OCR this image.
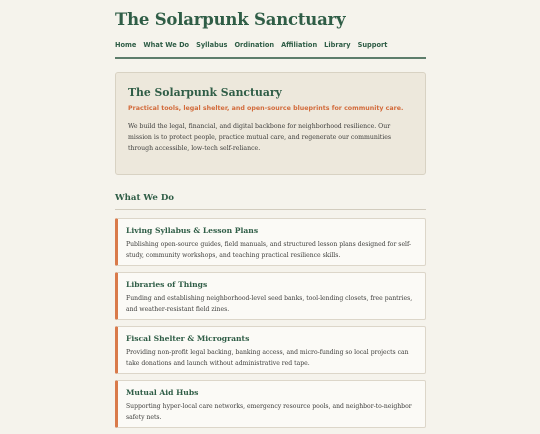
The Solarpunk Sanctuary
Home What We Do Syllabus Ordination Affiliation Library Support
The Solarpunk Sanctuary

Practical tools, legal shelter, and open-source blueprints for community care.

We build the legal, financial, and digital backbone for neighborhood resilience. Our mission is to protect people, practice mutual care, and regenerate our communities through accessible, low-tech self-reliance.

What We Do
Living Syllabus & Lesson Plans
Publishing open-source guides, field manuals, and structured lesson plans designed for self-study, community workshops, and teaching practical resilience skills.
Libraries of Things
Funding and establishing neighborhood-level seed banks, tool-lending closets, free pantries, and weather-resistant field zines.
Fiscal Shelter & Microgrants
Providing non-profit legal backing, banking access, and micro-funding so local projects can take donations and launch without administrative red tape.
Mutual Aid Hubs
Supporting hyper-local care networks, emergency resource pools, and neighbor-to-neighbor safety nets.
